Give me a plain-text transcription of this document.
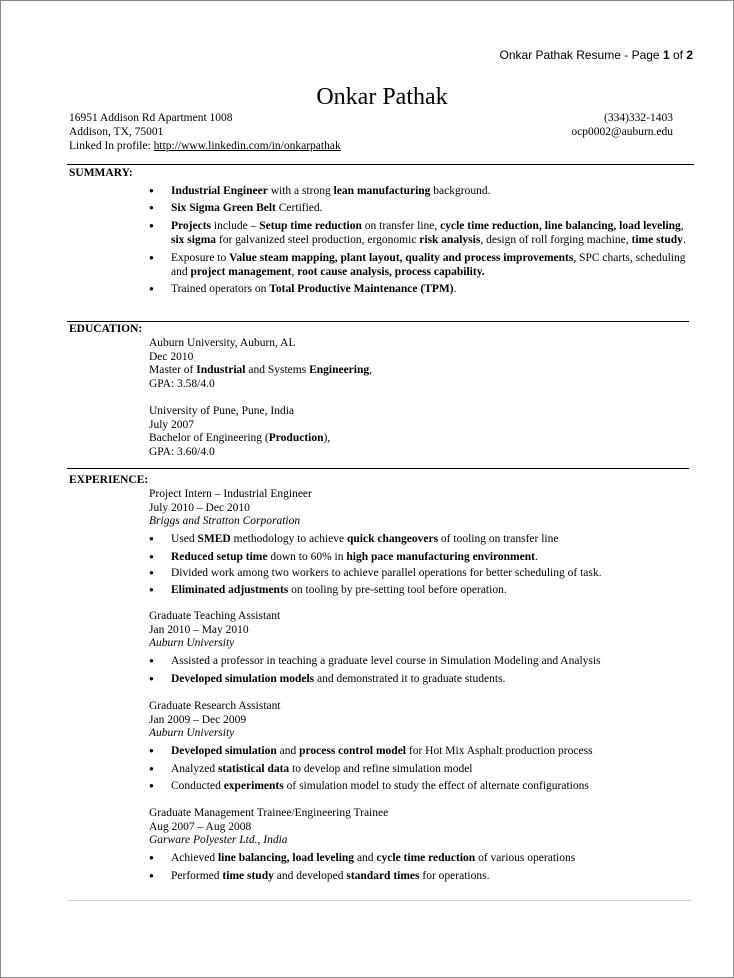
Onkar Pathak Resume - Page 1 of 2
Onkar Pathak
16951 Addison Rd Apartment 1008
Addison, TX, 75001
Linked In profile: http://www.linkedin.com/in/onkarpathak
(334)332-1403
ocp0002@auburn.edu
SUMMARY:
● Industrial Engineer with a strong lean manufacturing background.
● Six Sigma Green Belt Certified.
● Projects include – Setup time reduction on transfer line, cycle time reduction, line balancing, load leveling, six sigma for galvanized steel production, ergonomic risk analysis, design of roll forging machine, time study.
● Exposure to Value steam mapping, plant layout, quality and process improvements, SPC charts, scheduling and project management, root cause analysis, process capability.
● Trained operators on Total Productive Maintenance (TPM).
EDUCATION:
Auburn University, Auburn, AL
Dec 2010
Master of Industrial and Systems Engineering,
GPA: 3.58/4.0
University of Pune, Pune, India
July 2007
Bachelor of Engineering (Production),
GPA: 3.60/4.0
EXPERIENCE:
Project Intern – Industrial Engineer
July 2010 – Dec 2010
Briggs and Stratton Corporation
● Used SMED methodology to achieve quick changeovers of tooling on transfer line
● Reduced setup time down to 60% in high pace manufacturing environment.
● Divided work among two workers to achieve parallel operations for better scheduling of task.
● Eliminated adjustments on tooling by pre-setting tool before operation.
Graduate Teaching Assistant
Jan 2010 – May 2010
Auburn University
● Assisted a professor in teaching a graduate level course in Simulation Modeling and Analysis
● Developed simulation models and demonstrated it to graduate students.
Graduate Research Assistant
Jan 2009 – Dec 2009
Auburn University
● Developed simulation and process control model for Hot Mix Asphalt production process
● Analyzed statistical data to develop and refine simulation model
● Conducted experiments of simulation model to study the effect of alternate configurations
Graduate Management Trainee/Engineering Trainee
Aug 2007 – Aug 2008
Garware Polyester Ltd., India
● Achieved line balancing, load leveling and cycle time reduction of various operations
● Performed time study and developed standard times for operations.
